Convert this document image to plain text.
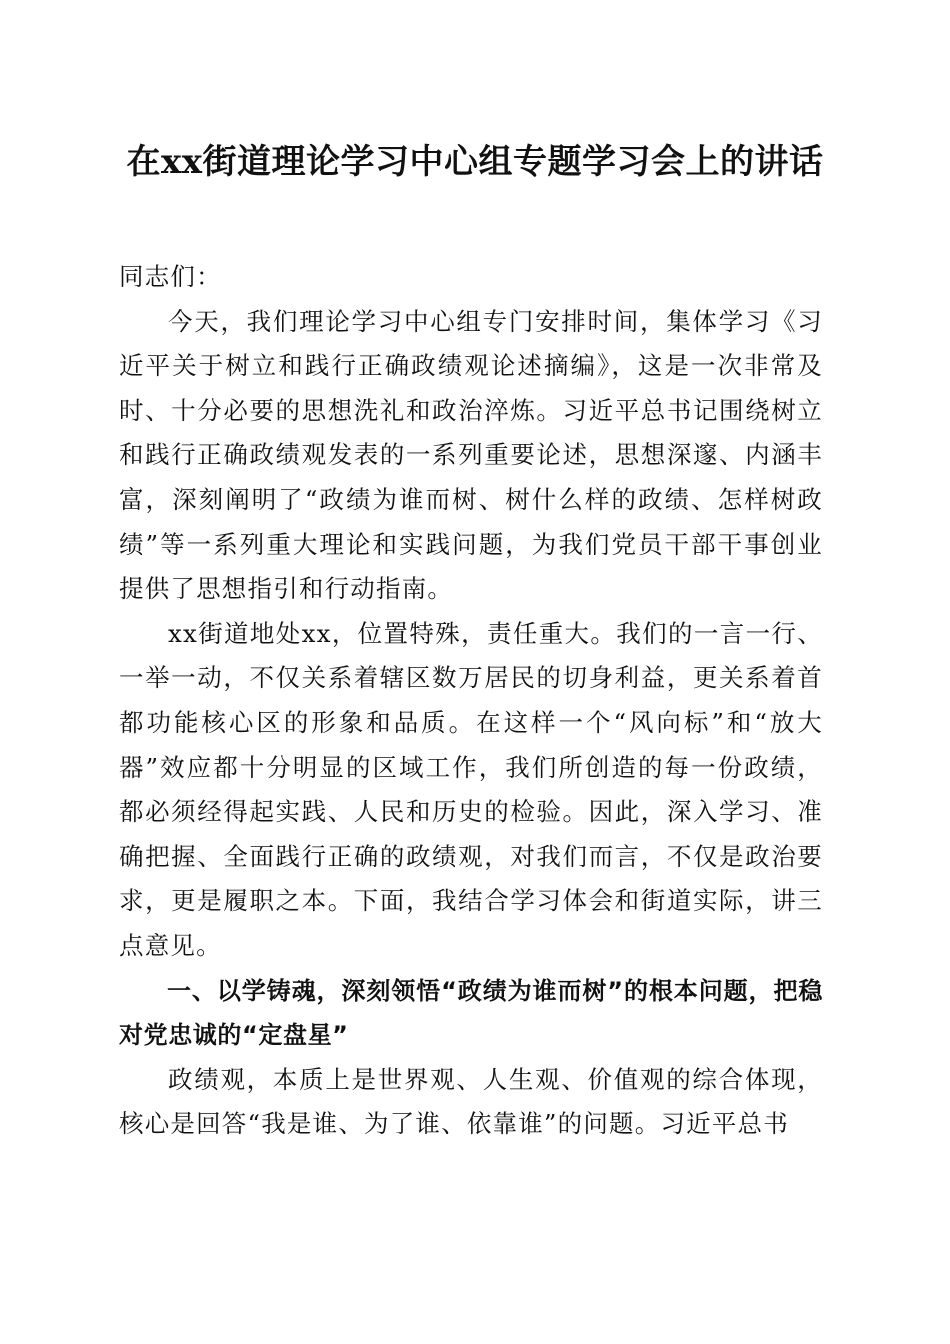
在xx街道理论学习中心组专题学习会上的讲话

同志们：

今天，我们理论学习中心组专门安排时间，集体学习《习近平关于树立和践行正确政绩观论述摘编》，这是一次非常及时、十分必要的思想洗礼和政治淬炼。习近平总书记围绕树立和践行正确政绩观发表的一系列重要论述，思想深邃、内涵丰富，深刻阐明了“政绩为谁而树、树什么样的政绩、怎样树政绩”等一系列重大理论和实践问题，为我们党员干部干事创业提供了思想指引和行动指南。

xx街道地处xx，位置特殊，责任重大。我们的一言一行、一举一动，不仅关系着辖区数万居民的切身利益，更关系着首都功能核心区的形象和品质。在这样一个“风向标”和“放大器”效应都十分明显的区域工作，我们所创造的每一份政绩，都必须经得起实践、人民和历史的检验。因此，深入学习、准确把握、全面践行正确的政绩观，对我们而言，不仅是政治要求，更是履职之本。下面，我结合学习体会和街道实际，讲三点意见。

一、以学铸魂，深刻领悟“政绩为谁而树”的根本问题，把稳对党忠诚的“定盘星”

政绩观，本质上是世界观、人生观、价值观的综合体现，核心是回答“我是谁、为了谁、依靠谁”的问题。习近平总书
